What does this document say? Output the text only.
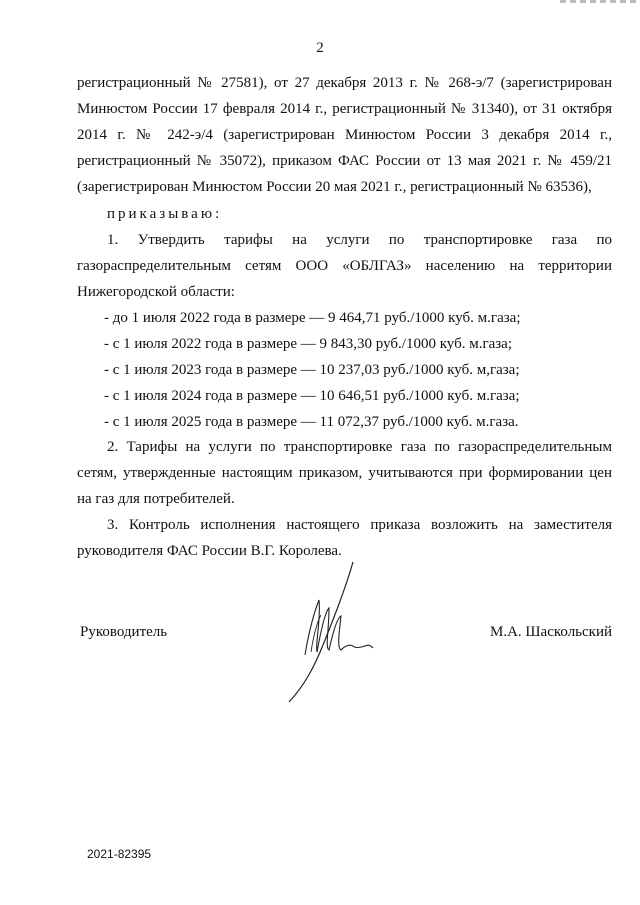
2
регистрационный № 27581), от 27 декабря 2013 г. № 268-э/7 (зарегистрирован
Минюстом России 17 февраля 2014 г., регистрационный № 31340), от 31 октября
2014 г. № 242-э/4 (зарегистрирован Минюстом России 3 декабря 2014 г.,
регистрационный № 35072), приказом ФАС России от 13 мая 2021 г. № 459/21
(зарегистрирован Минюстом России 20 мая 2021 г., регистрационный № 63536),
приказываю:
1. Утвердить тарифы на услуги по транспортировке газа по
газораспределительным сетям ООО «ОБЛГАЗ» населению на территории
Нижегородской области:
- до 1 июля 2022 года в размере — 9 464,71 руб./1000 куб. м.газа;
- с 1 июля 2022 года в размере — 9 843,30 руб./1000 куб. м.газа;
- с 1 июля 2023 года в размере — 10 237,03 руб./1000 куб. м,газа;
- с 1 июля 2024 года в размере — 10 646,51 руб./1000 куб. м.газа;
- с 1 июля 2025 года в размере — 11 072,37 руб./1000 куб. м.газа.
2. Тарифы на услуги по транспортировке газа по газораспределительным
сетям, утвержденные настоящим приказом, учитываются при формировании цен
на газ для потребителей.
3. Контроль исполнения настоящего приказа возложить на заместителя
руководителя ФАС России В.Г. Королева.
Руководитель	М.А. Шаскольский
2021-82395
